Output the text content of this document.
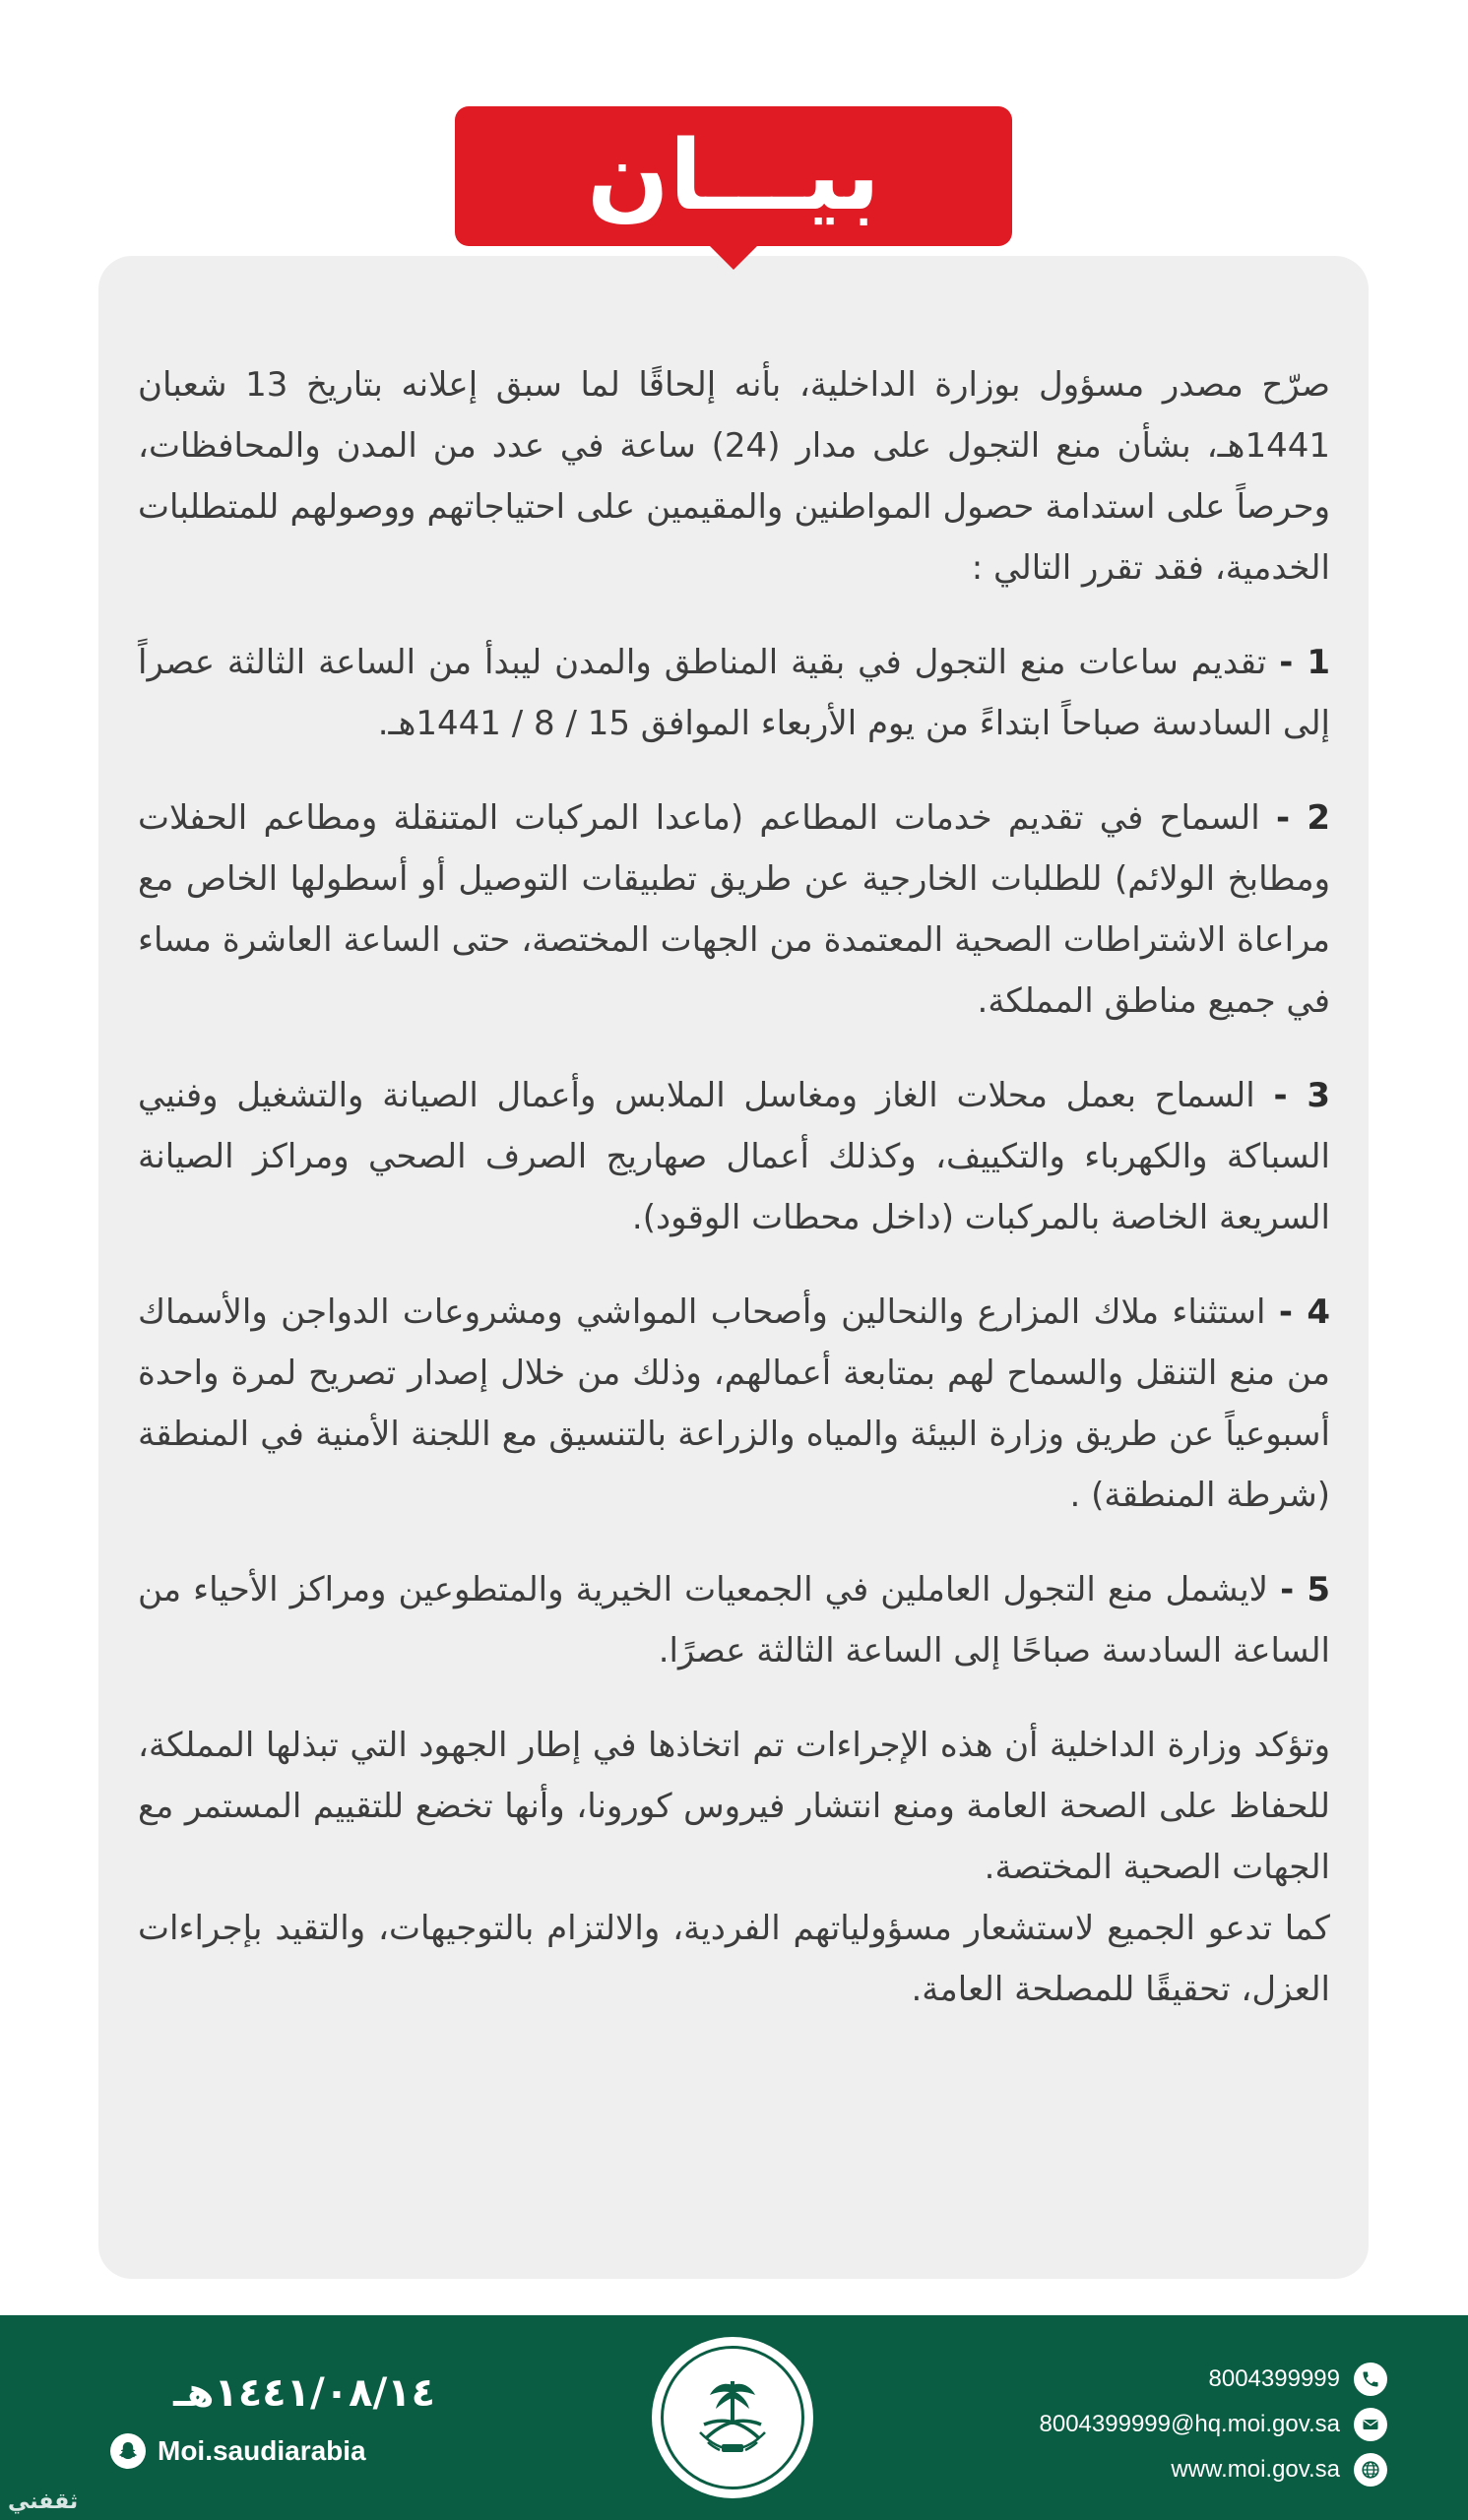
بيـــان

صرّح مصدر مسؤول بوزارة الداخلية، بأنه إلحاقًا لما سبق إعلانه بتاريخ 13 شعبان 1441هـ، بشأن منع التجول على مدار (24) ساعة في عدد من المدن والمحافظات، وحرصاً على استدامة حصول المواطنين والمقيمين على احتياجاتهم ووصولهم للمتطلبات الخدمية، فقد تقرر التالي :

1 - تقديم ساعات منع التجول في بقية المناطق والمدن ليبدأ من الساعة الثالثة عصراً إلى السادسة صباحاً ابتداءً من يوم الأربعاء الموافق 15 / 8 / 1441هـ.

2 - السماح في تقديم خدمات المطاعم (ماعدا المركبات المتنقلة ومطاعم الحفلات ومطابخ الولائم) للطلبات الخارجية عن طريق تطبيقات التوصيل أو أسطولها الخاص مع مراعاة الاشتراطات الصحية المعتمدة من الجهات المختصة، حتى الساعة العاشرة مساء في جميع مناطق المملكة.

3 - السماح بعمل محلات الغاز ومغاسل الملابس وأعمال الصيانة والتشغيل وفنيي السباكة والكهرباء والتكييف، وكذلك أعمال صهاريج الصرف الصحي ومراكز الصيانة السريعة الخاصة بالمركبات (داخل محطات الوقود).

4 - استثناء ملاك المزارع والنحالين وأصحاب المواشي ومشروعات الدواجن والأسماك من منع التنقل والسماح لهم بمتابعة أعمالهم، وذلك من خلال إصدار تصريح لمرة واحدة أسبوعياً عن طريق وزارة البيئة والمياه والزراعة بالتنسيق مع اللجنة الأمنية في المنطقة (شرطة المنطقة) .

5 - لايشمل منع التجول العاملين في الجمعيات الخيرية والمتطوعين ومراكز الأحياء من الساعة السادسة صباحًا إلى الساعة الثالثة عصرًا.

وتؤكد وزارة الداخلية أن هذه الإجراءات تم اتخاذها في إطار الجهود التي تبذلها المملكة، للحفاظ على الصحة العامة ومنع انتشار فيروس كورونا، وأنها تخضع للتقييم المستمر مع الجهات الصحية المختصة.

كما تدعو الجميع لاستشعار مسؤولياتهم الفردية، والالتزام بالتوجيهات، والتقيد بإجراءات العزل، تحقيقًا للمصلحة العامة.

١٤٤١/٠٨/١٤هـ
Moi.saudiarabia
8004399999
8004399999@hq.moi.gov.sa
www.moi.gov.sa
ثقفني
